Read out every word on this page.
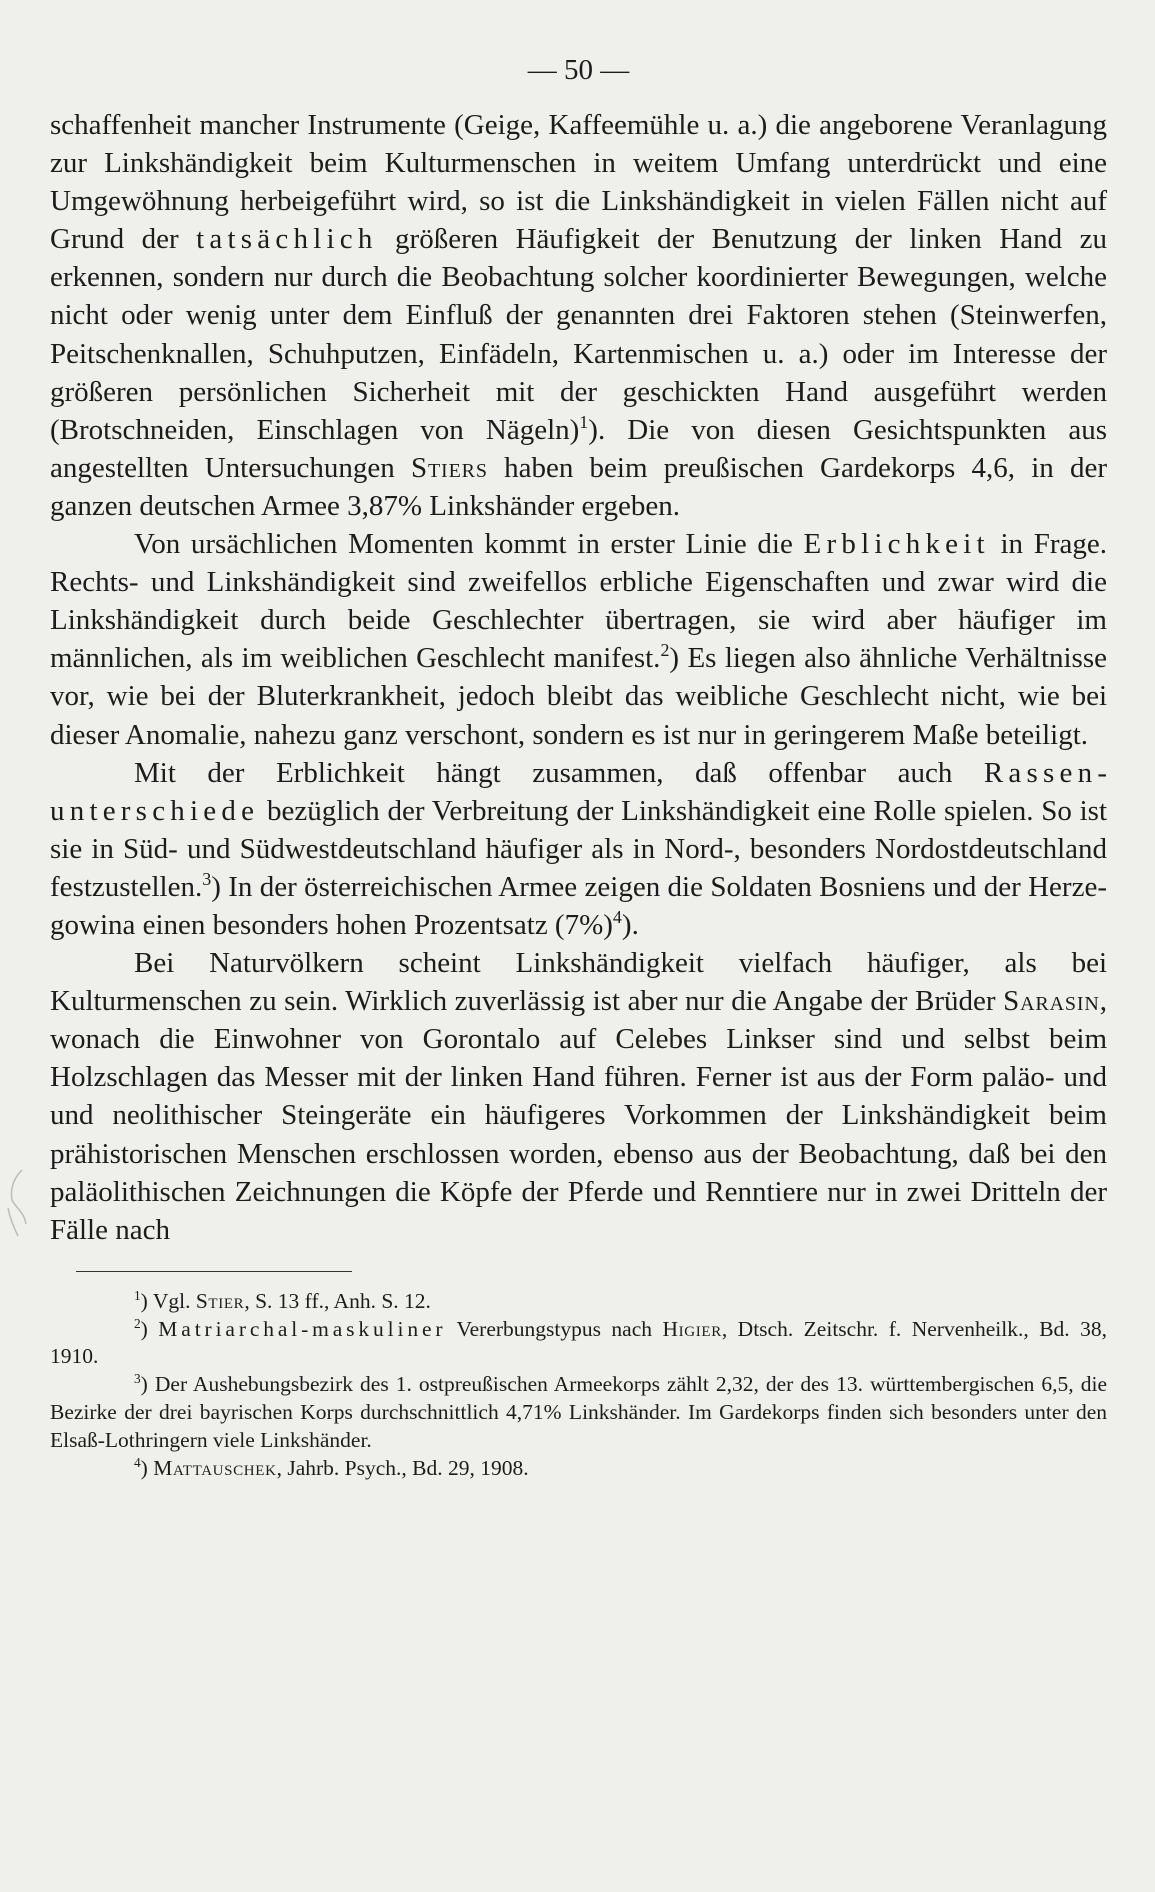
— 50 —

schaffenheit mancher Instrumente (Geige, Kaffeemühle u. a.) die angeborene Veranlagung zur Linkshändigkeit beim Kulturmenschen in weitem Umfang unterdrückt und eine Umgewöhnung herbeigeführt wird, so ist die Linkshändigkeit in vielen Fällen nicht auf Grund der tatsächlich größeren Häufigkeit der Benutzung der linken Hand zu erkennen, sondern nur durch die Beobachtung solcher koordinierter Bewegungen, welche nicht oder wenig unter dem Einfluß der genannten drei Faktoren stehen (Steinwerfen, Peitschenknallen, Schuhputzen, Einfädeln, Kartenmischen u. a.) oder im Interesse der größeren persönlichen Sicherheit mit der geschickten Hand ausgeführt werden (Brotschneiden, Einschlagen von Nägeln)$^1$). Die von diesen Gesichtspunkten aus angestellten Untersuchungen Stiers haben beim preußischen Gardekorps 4,6, in der ganzen deutschen Armee 3,87% Linkshänder ergeben.

Von ursächlichen Momenten kommt in erster Linie die Erblichkeit in Frage. Rechts- und Linkshändigkeit sind zweifellos erbliche Eigenschaften und zwar wird die Linkshändigkeit durch beide Geschlechter übertragen, sie wird aber häufiger im männlichen, als im weiblichen Geschlecht manifest.$^2$) Es liegen also ähnliche Verhältnisse vor, wie bei der Bluterkrankheit, jedoch bleibt das weibliche Geschlecht nicht, wie bei dieser Anomalie, nahezu ganz verschont, sondern es ist nur in geringerem Maße beteiligt.

Mit der Erblichkeit hängt zusammen, daß offenbar auch Rassenunterschiede bezüglich der Verbreitung der Linkshändigkeit eine Rolle spielen. So ist sie in Süd- und Südwestdeutschland häufiger als in Nord-, besonders Nordostdeutschland festzustellen.$^3$) In der österreichischen Armee zeigen die Soldaten Bosniens und der Herzegowina einen besonders hohen Prozentsatz $(7\%)^4$).

Bei Naturvölkern scheint Linkshändigkeit vielfach häufiger, als bei Kulturmenschen zu sein. Wirklich zuverlässig ist aber nur die Angabe der Brüder Sarasin, wonach die Einwohner von Gorontalo auf Celebes Linkser sind und selbst beim Holzschlagen das Messer mit der linken Hand führen. Ferner ist aus der Form paläo- und und neolithischer Steingeräte ein häufigeres Vorkommen der Linkshändigkeit beim prähistorischen Menschen erschlossen worden, ebenso aus der Beobachtung, daß bei den paläolithischen Zeichnungen die Köpfe der Pferde und Renntiere nur in zwei Dritteln der Fälle nach

$^1$) Vgl. Stier, S. 13 ff., Anh. S. 12.

$^2$) Matriarchal-maskuliner Vererbungstypus nach Higier, Dtsch. Zeitschr. f. Nervenheilk., Bd. 38, 1910.

$^3$) Der Aushebungsbezirk des 1. ostpreußischen Armeekorps zählt 2,32, der des 13. württembergischen 6,5, die Bezirke der drei bayrischen Korps durchschnittlich 4,71% Linkshänder. Im Gardekorps finden sich besonders unter den Elsaß-Lothringern viele Linkshänder.

$^4$) Mattauschek, Jahrb. Psych., Bd. 29, 1908.
